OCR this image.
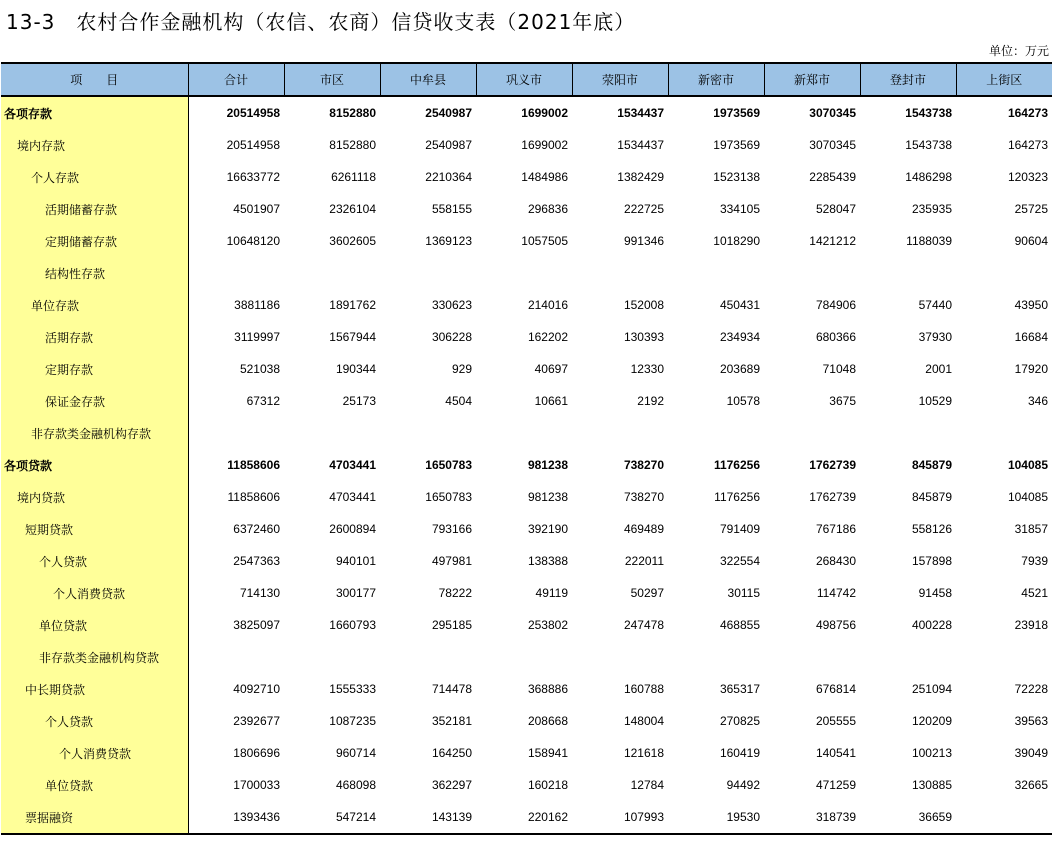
13-3　农村合作金融机构（农信、农商）信贷收支表（2021年底）
单位：万元
项　　目	合计	市区	中牟县	巩义市	荥阳市	新密市	新郑市	登封市	上街区
各项存款	20514958	8152880	2540987	1699002	1534437	1973569	3070345	1543738	164273
境内存款	20514958	8152880	2540987	1699002	1534437	1973569	3070345	1543738	164273
个人存款	16633772	6261118	2210364	1484986	1382429	1523138	2285439	1486298	120323
活期储蓄存款	4501907	2326104	558155	296836	222725	334105	528047	235935	25725
定期储蓄存款	10648120	3602605	1369123	1057505	991346	1018290	1421212	1188039	90604
结构性存款									
单位存款	3881186	1891762	330623	214016	152008	450431	784906	57440	43950
活期存款	3119997	1567944	306228	162202	130393	234934	680366	37930	16684
定期存款	521038	190344	929	40697	12330	203689	71048	2001	17920
保证金存款	67312	25173	4504	10661	2192	10578	3675	10529	346
非存款类金融机构存款									
各项贷款	11858606	4703441	1650783	981238	738270	1176256	1762739	845879	104085
境内贷款	11858606	4703441	1650783	981238	738270	1176256	1762739	845879	104085
短期贷款	6372460	2600894	793166	392190	469489	791409	767186	558126	31857
个人贷款	2547363	940101	497981	138388	222011	322554	268430	157898	7939
个人消费贷款	714130	300177	78222	49119	50297	30115	114742	91458	4521
单位贷款	3825097	1660793	295185	253802	247478	468855	498756	400228	23918
非存款类金融机构贷款									
中长期贷款	4092710	1555333	714478	368886	160788	365317	676814	251094	72228
个人贷款	2392677	1087235	352181	208668	148004	270825	205555	120209	39563
个人消费贷款	1806696	960714	164250	158941	121618	160419	140541	100213	39049
单位贷款	1700033	468098	362297	160218	12784	94492	471259	130885	32665
票据融资	1393436	547214	143139	220162	107993	19530	318739	36659	
